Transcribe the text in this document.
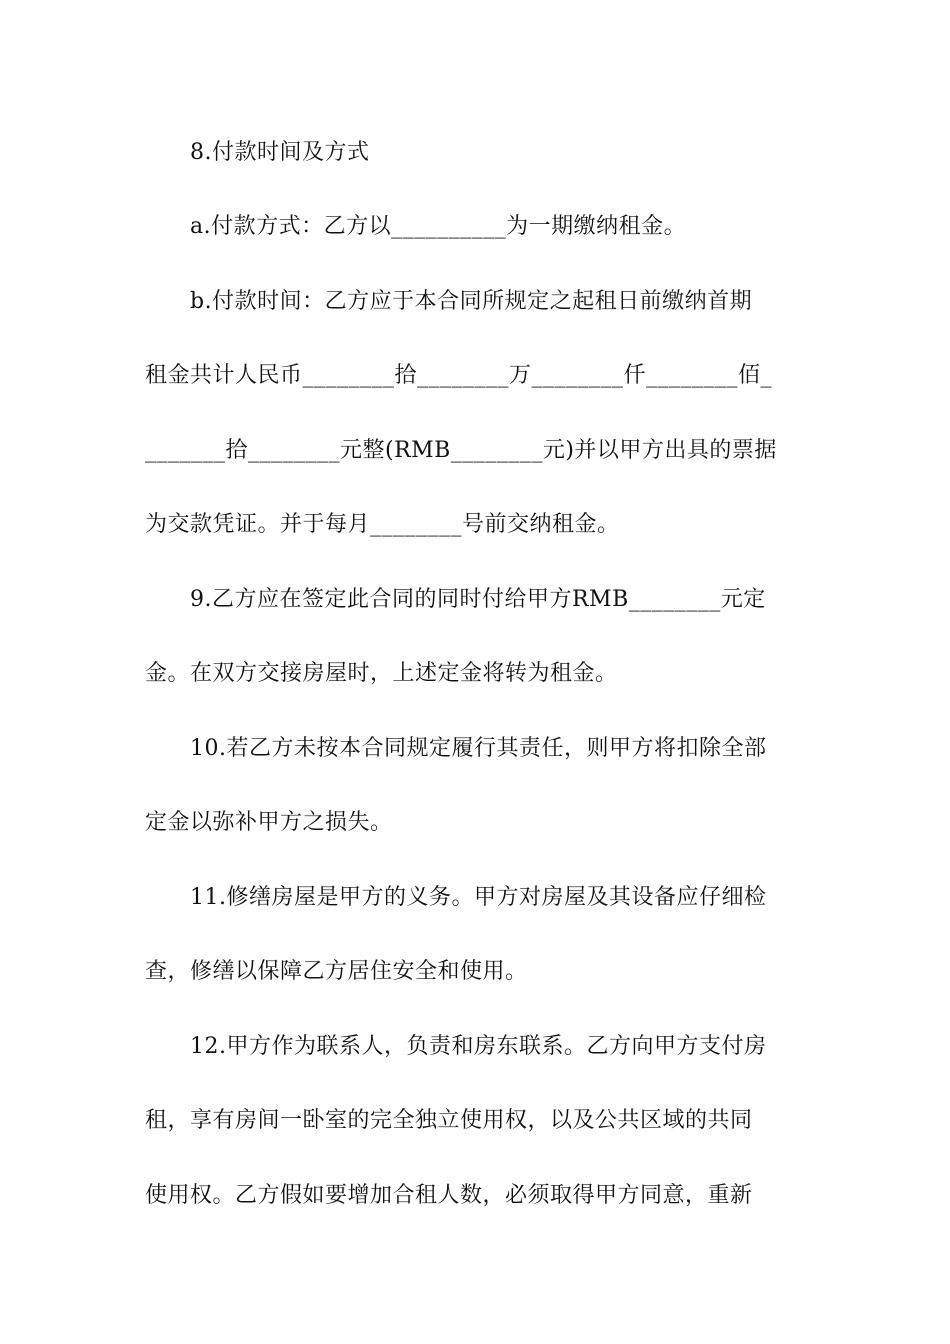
8.付款时间及方式
a.付款方式：乙方以__________为一期缴纳租金。
b.付款时间：乙方应于本合同所规定之起租日前缴纳首期
租金共计人民币________拾________万________仟________佰_
_______拾________元整(RMB________元)并以甲方出具的票据
为交款凭证。并于每月________号前交纳租金。
9.乙方应在签定此合同的同时付给甲方RMB________元定
金。在双方交接房屋时，上述定金将转为租金。
10.若乙方未按本合同规定履行其责任，则甲方将扣除全部
定金以弥补甲方之损失。
11.修缮房屋是甲方的义务。甲方对房屋及其设备应仔细检
查，修缮以保障乙方居住安全和使用。
12.甲方作为联系人，负责和房东联系。乙方向甲方支付房
租，享有房间一卧室的完全独立使用权，以及公共区域的共同
使用权。乙方假如要增加合租人数，必须取得甲方同意，重新
